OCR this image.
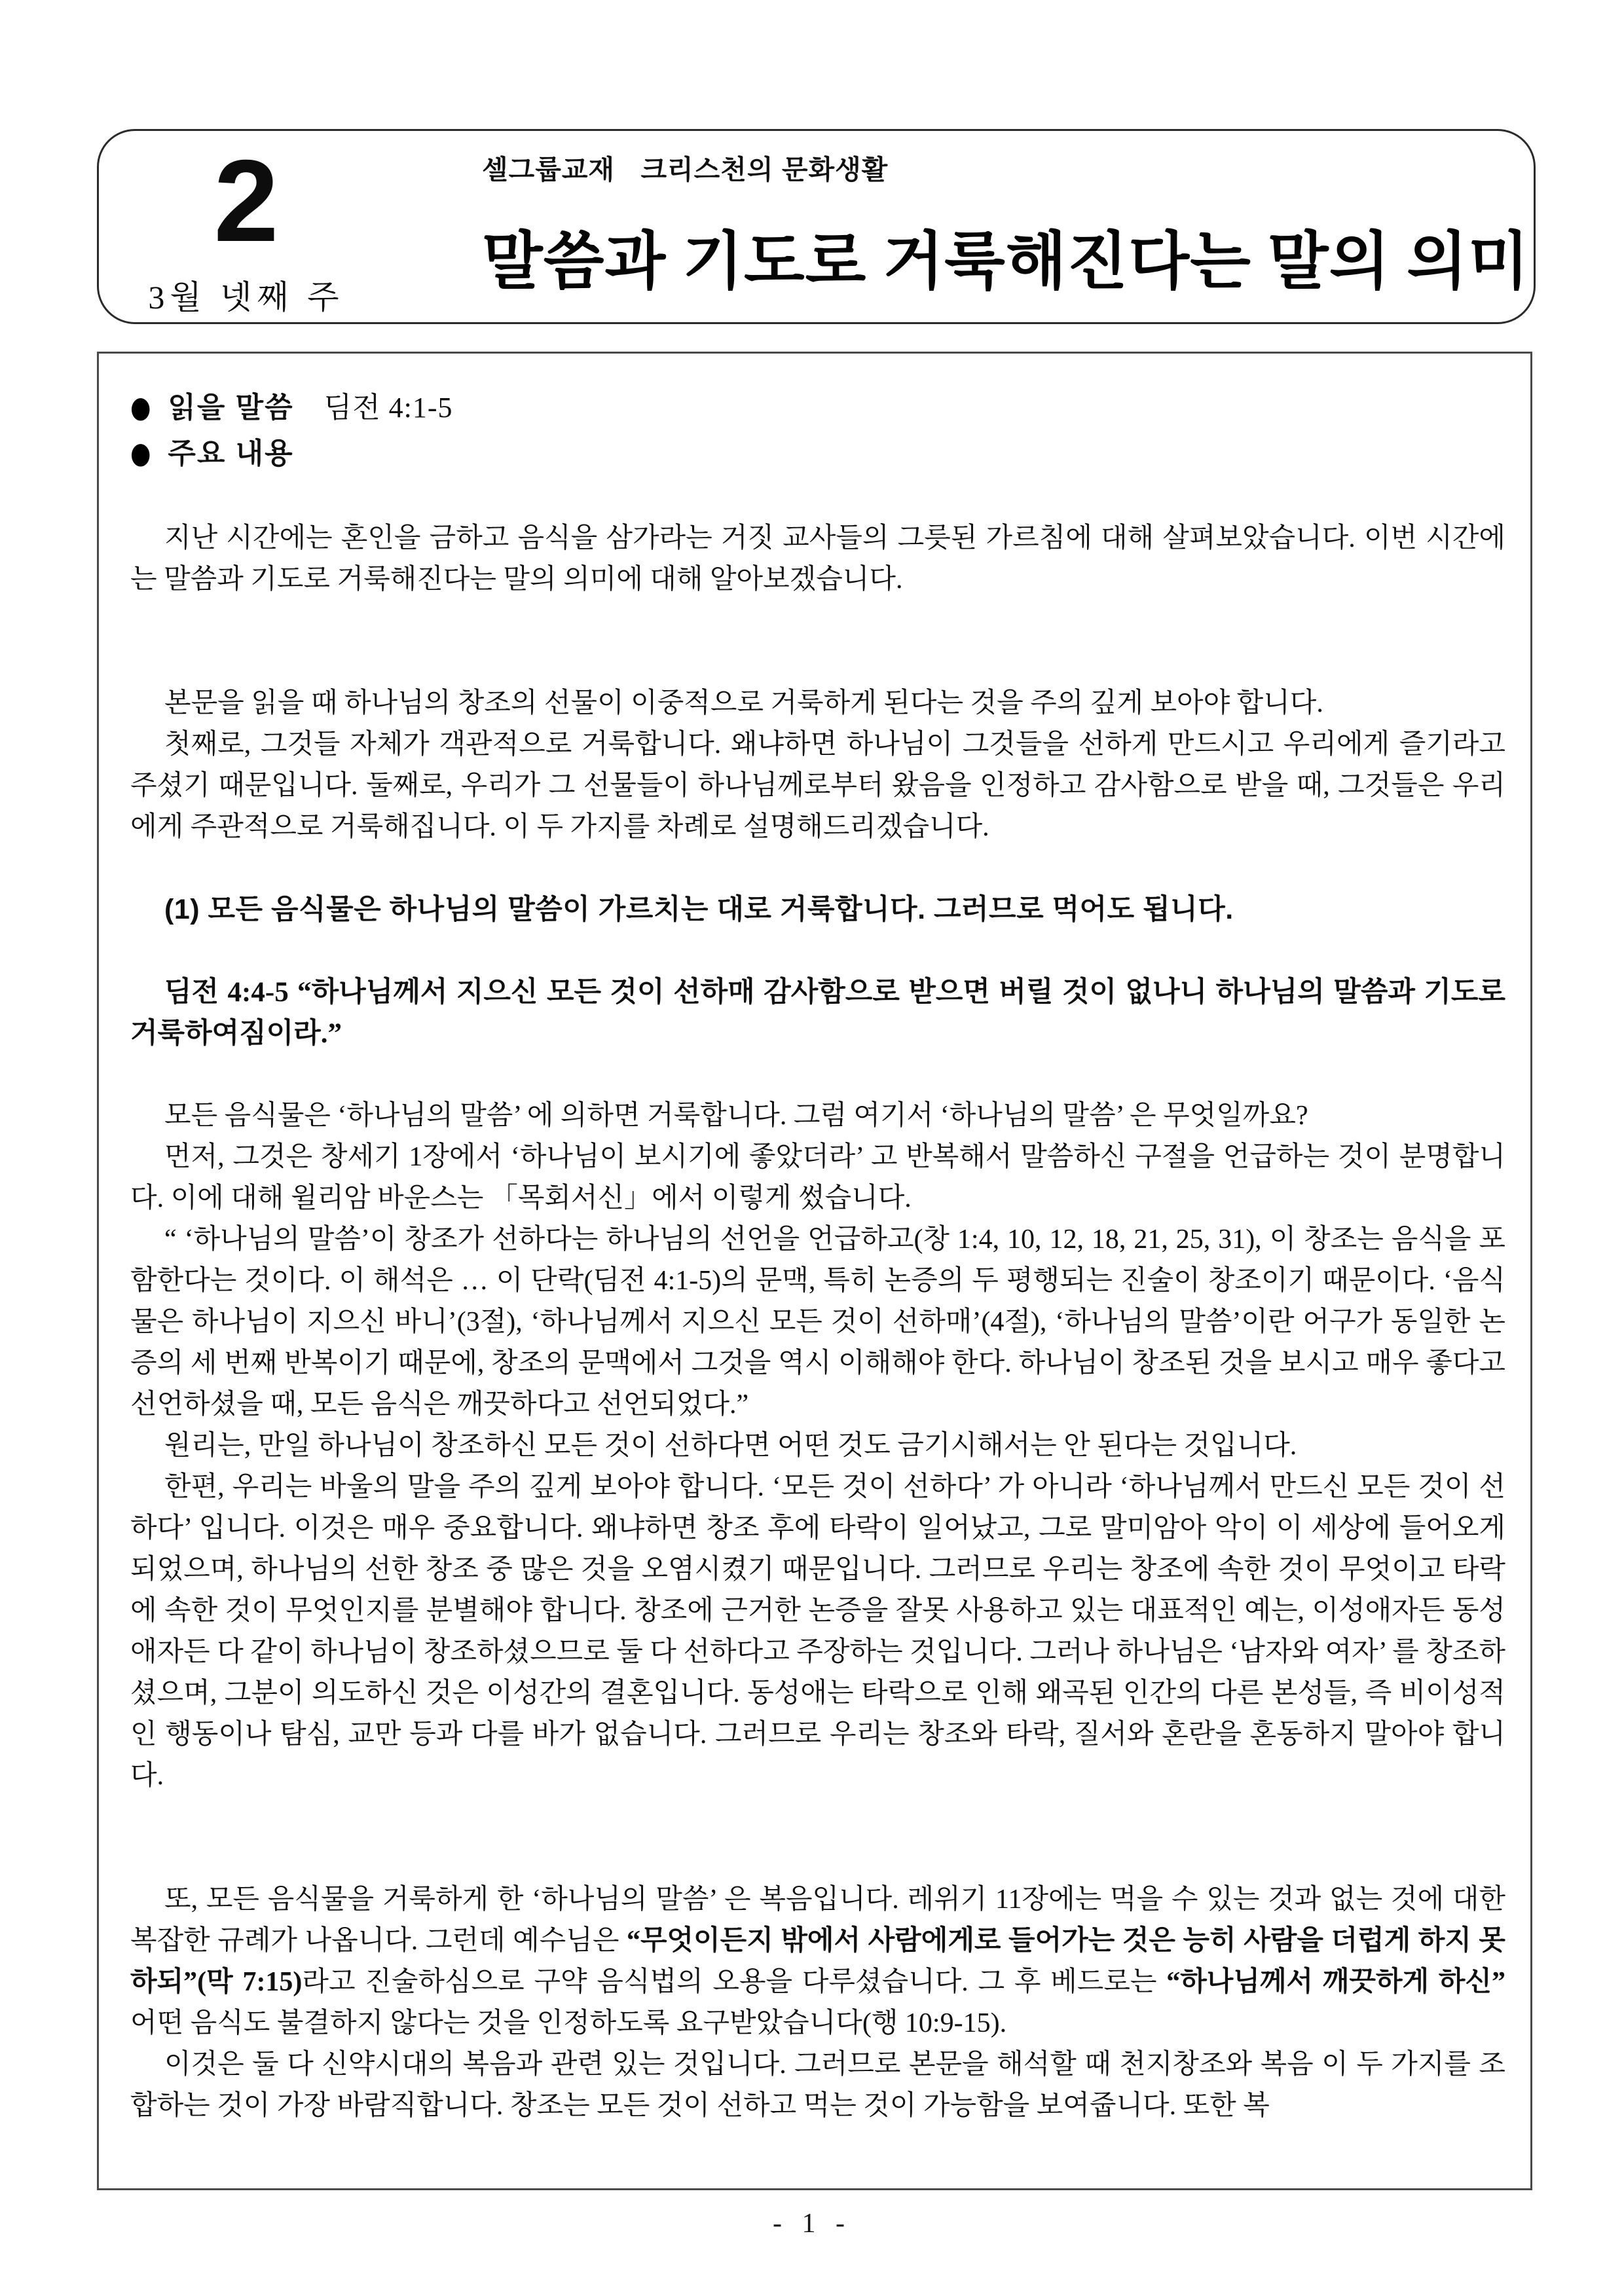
2
3월 넷째 주
셀그룹교재 크리스천의 문화생활
말씀과 기도로 거룩해진다는 말의 의미
● 읽을 말씀 딤전 4:1-5
● 주요 내용

지난 시간에는 혼인을 금하고 음식을 삼가라는 거짓 교사들의 그릇된 가르침에 대해 살펴보았습니다. 이번 시간에는 말씀과 기도로 거룩해진다는 말의 의미에 대해 알아보겠습니다.

본문을 읽을 때 하나님의 창조의 선물이 이중적으로 거룩하게 된다는 것을 주의 깊게 보아야 합니다.

첫째로, 그것들 자체가 객관적으로 거룩합니다. 왜냐하면 하나님이 그것들을 선하게 만드시고 우리에게 즐기라고 주셨기 때문입니다. 둘째로, 우리가 그 선물들이 하나님께로부터 왔음을 인정하고 감사함으로 받을 때, 그것들은 우리에게 주관적으로 거룩해집니다. 이 두 가지를 차례로 설명해드리겠습니다.

(1) 모든 음식물은 하나님의 말씀이 가르치는 대로 거룩합니다. 그러므로 먹어도 됩니다.

딤전 4:4-5 “하나님께서 지으신 모든 것이 선하매 감사함으로 받으면 버릴 것이 없나니 하나님의 말씀과 기도로 거룩하여짐이라.”

모든 음식물은 ‘하나님의 말씀’ 에 의하면 거룩합니다. 그럼 여기서 ‘하나님의 말씀’ 은 무엇일까요?

먼저, 그것은 창세기 1장에서 ‘하나님이 보시기에 좋았더라’ 고 반복해서 말씀하신 구절을 언급하는 것이 분명합니다. 이에 대해 윌리암 바운스는 「목회서신」에서 이렇게 썼습니다.

“ ‘하나님의 말씀’이 창조가 선하다는 하나님의 선언을 언급하고(창 1:4, 10, 12, 18, 21, 25, 31), 이 창조는 음식을 포함한다는 것이다. 이 해석은 … 이 단락(딤전 4:1-5)의 문맥, 특히 논증의 두 평행되는 진술이 창조이기 때문이다. ‘음식물은 하나님이 지으신 바니’(3절), ‘하나님께서 지으신 모든 것이 선하매’(4절), ‘하나님의 말씀’이란 어구가 동일한 논증의 세 번째 반복이기 때문에, 창조의 문맥에서 그것을 역시 이해해야 한다. 하나님이 창조된 것을 보시고 매우 좋다고 선언하셨을 때, 모든 음식은 깨끗하다고 선언되었다.”

원리는, 만일 하나님이 창조하신 모든 것이 선하다면 어떤 것도 금기시해서는 안 된다는 것입니다.

한편, 우리는 바울의 말을 주의 깊게 보아야 합니다. ‘모든 것이 선하다’ 가 아니라 ‘하나님께서 만드신 모든 것이 선하다’ 입니다. 이것은 매우 중요합니다. 왜냐하면 창조 후에 타락이 일어났고, 그로 말미암아 악이 이 세상에 들어오게 되었으며, 하나님의 선한 창조 중 많은 것을 오염시켰기 때문입니다. 그러므로 우리는 창조에 속한 것이 무엇이고 타락에 속한 것이 무엇인지를 분별해야 합니다. 창조에 근거한 논증을 잘못 사용하고 있는 대표적인 예는, 이성애자든 동성애자든 다 같이 하나님이 창조하셨으므로 둘 다 선하다고 주장하는 것입니다. 그러나 하나님은 ‘남자와 여자’ 를 창조하셨으며, 그분이 의도하신 것은 이성간의 결혼입니다. 동성애는 타락으로 인해 왜곡된 인간의 다른 본성들, 즉 비이성적인 행동이나 탐심, 교만 등과 다를 바가 없습니다. 그러므로 우리는 창조와 타락, 질서와 혼란을 혼동하지 말아야 합니다.

또, 모든 음식물을 거룩하게 한 ‘하나님의 말씀’ 은 복음입니다. 레위기 11장에는 먹을 수 있는 것과 없는 것에 대한 복잡한 규례가 나옵니다. 그런데 예수님은 “무엇이든지 밖에서 사람에게로 들어가는 것은 능히 사람을 더럽게 하지 못하되”(막 7:15)라고 진술하심으로 구약 음식법의 오용을 다루셨습니다. 그 후 베드로는 “하나님께서 깨끗하게 하신” 어떤 음식도 불결하지 않다는 것을 인정하도록 요구받았습니다(행 10:9-15).

이것은 둘 다 신약시대의 복음과 관련 있는 것입니다. 그러므로 본문을 해석할 때 천지창조와 복음 이 두 가지를 조합하는 것이 가장 바람직합니다. 창조는 모든 것이 선하고 먹는 것이 가능함을 보여줍니다. 또한 복

- 1 -
